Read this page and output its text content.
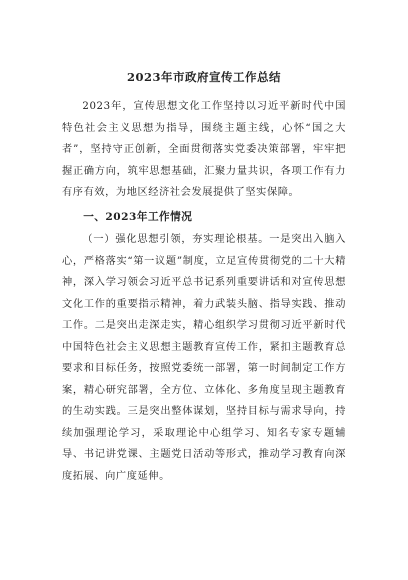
2023年市政府宣传工作总结

2023年，宣传思想文化工作坚持以习近平新时代中国特色社会主义思想为指导，围绕主题主线，心怀“国之大者”，坚持守正创新，全面贯彻落实党委决策部署，牢牢把握正确方向，筑牢思想基础，汇聚力量共识，各项工作有力有序有效，为地区经济社会发展提供了坚实保障。

一、2023年工作情况

（一）强化思想引领，夯实理论根基。一是突出入脑入心，严格落实“第一议题”制度，立足宣传贯彻党的二十大精神，深入学习领会习近平总书记系列重要讲话和对宣传思想文化工作的重要指示精神，着力武装头脑、指导实践、推动工作。二是突出走深走实，精心组织学习贯彻习近平新时代中国特色社会主义思想主题教育宣传工作，紧扣主题教育总要求和目标任务，按照党委统一部署，第一时间制定工作方案，精心研究部署，全方位、立体化、多角度呈现主题教育的生动实践。三是突出整体谋划，坚持目标与需求导向，持续加强理论学习，采取理论中心组学习、知名专家专题辅导、书记讲党课、主题党日活动等形式，推动学习教育向深度拓展、向广度延伸。
